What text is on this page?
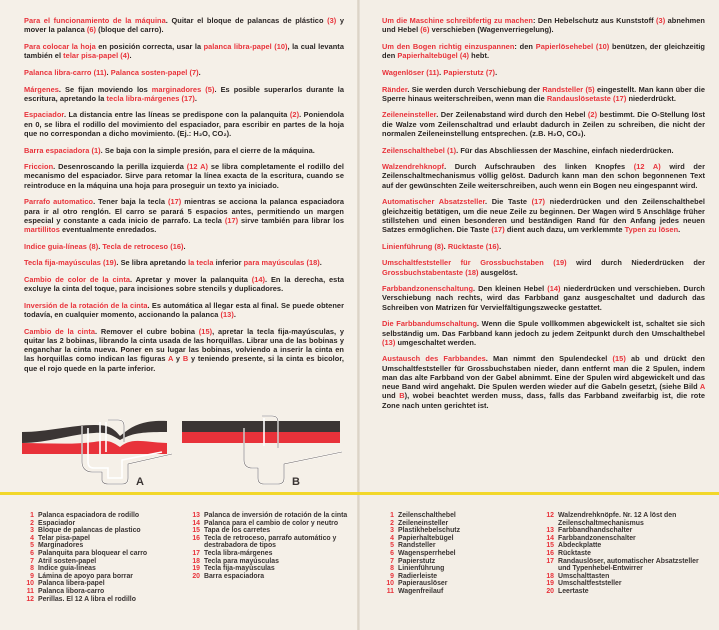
Para el funcionamiento de la máquina. Quitar el bloque de palancas de plástico (3) y mover la palanca (6) (bloque del carro).

Para colocar la hoja en posición correcta, usar la palanca libra-papel (10), la cual levanta también el telar pisa-papel (4).

Palanca libra-carro (11). Palanca sosten-papel (7).

Márgenes. Se fijan moviendo los marginadores (5). Es posible superarlos durante la escritura, apretando la tecla libra-márgenes (17).

Espaciador. La distancia entre las líneas se predispone con la palanquita (2). Poniendola en 0, se libra el rodillo del movimiento del espaciador, para escribir en partes de la hoja que no correspondan a dicho movimiento. (Ej.: H₂O, CO₂).

Barra espaciadora (1). Se baja con la simple presión, para el cierre de la máquina.

Friccion. Desenroscando la perilla izquierda (12 A) se libra completamente el rodillo del mecanismo del espaciador. Sirve para retomar la línea exacta de la escritura, cuando se reintroduce en la máquina una hoja para proseguir un texto ya iniciado.

Parrafo automatico. Tener baja la tecla (17) mientras se acciona la palanca espaciadora para ir al otro renglón. El carro se parará 5 espacios antes, permitiendo un margen especial y constante a cada inicio de parrafo. La tecla (17) sirve también para librar los martillitos eventualmente enredados.

Indice guia-líneas (8). Tecla de retroceso (16).

Tecla fija-mayúsculas (19). Se libra apretando la tecla inferior para mayúsculas (18).

Cambio de color de la cinta. Apretar y mover la palanquita (14). En la derecha, esta excluye la cinta del toque, para incisiones sobre stencils y duplicadores.

Inversión de la rotación de la cinta. Es automática al llegar esta al final. Se puede obtener todavía, en cualquier momento, accionando la palanca (13).

Cambio de la cinta. Remover el cubre bobina (15), apretar la tecla fija-mayúsculas, y quitar las 2 bobinas, librando la cinta usada de las horquillas. Librar una de las bobinas y enganchar la cinta nueva. Poner en su lugar las bobinas, volviendo a inserir la cinta en las horquillas como indican las figuras A y B y teniendo presente, si la cinta es bicolor, que el rojo quede en la parte inferior.

A	B
1 Palanca espaciadora de rodillo
2 Espaciador
3 Bloque de palancas de plastico
4 Telar pisa-papel
5 Marginadores
6 Palanquita para bloquear el carro
7 Atril sosten-papel
8 Indice guia-lineas
9 Lámina de apoyo para borrar
10 Palanca libera-papel
11 Palanca libora-carro
12 Perillas. El 12 A libra el rodillo
13 Palanca de inversión de rotación de la cinta
14 Palanca para el cambio de color y neutro
15 Tapa de los carretes
16 Tecla de retroceso, parrafo automático y destrabadora de tipos
17 Tecla libra-márgenes
18 Tecla para mayúsculas
19 Tecla fija-mayúsculas
20 Barra espaciadora

Um die Maschine schreibfertig zu machen: Den Hebelschutz aus Kunststoff (3) abnehmen und Hebel (6) verschieben (Wagenverriegelung).

Um den Bogen richtig einzuspannen: den Papierlösehebel (10) benützen, der gleichzeitig den Papierhaltebügel (4) hebt.

Wagenlöser (11). Papierstutz (7).

Ränder. Sie werden durch Verschiebung der Randsteller (5) eingestellt. Man kann über die Sperre hinaus weiterschreiben, wenn man die Randauslösetaste (17) niederdrückt.

Zeileneinsteller. Der Zeilenabstand wird durch den Hebel (2) bestimmt. Die O-Stellung löst die Walze vom Zeilenschaltrad und erlaubt dadurch in Zeilen zu schreiben, die nicht der normalen Zeileneinstellung entsprechen. (z.B. H₂O, CO₂).

Zeilenschalthebel (1). Für das Abschliessen der Maschine, einfach niederdrücken.

Walzendrehknopf. Durch Aufschrauben des linken Knopfes (12 A) wird der Zeilenschaltmechanismus völlig gelöst. Dadurch kann man den schon begonnenen Text auf der gewünschten Zeile weiterschreiben, auch wenn ein Bogen neu eingespannt wird.

Automatischer Absatzsteller. Die Taste (17) niederdrücken und den Zeilenschalthebel gleichzeitig betätigen, um die neue Zeile zu beginnen. Der Wagen wird 5 Anschläge früher stillstehen und einen besonderen und beständigen Rand für den Anfang jedes neuen Satzes ermöglichen. Die Taste (17) dient auch dazu, um verklemmte Typen zu lösen.

Linienführung (8). Rücktaste (16).

Umschaltfeststeller für Grossbuchstaben (19) wird durch Niederdrücken der Grossbuchstabentaste (18) ausgelöst.

Farbbandzonenschaltung. Den kleinen Hebel (14) niederdrücken und verschieben. Durch Verschiebung nach rechts, wird das Farbband ganz ausgeschaltet und dadurch das Schreiben von Matrizen für Vervielfältigungszwecke gestattet.

Die Farbbandumschaltung. Wenn die Spule vollkommen abgewickelt ist, schaltet sie sich selbständig um. Das Farbband kann jedoch zu jedem Zeitpunkt durch den Umschalthebel (13) umgeschaltet werden.

Austausch des Farbbandes. Man nimmt den Spulendeckel (15) ab und drückt den Umschaltfeststeller für Grossbuchstaben nieder, dann entfernt man die 2 Spulen, indem man das alte Farbband von der Gabel abnimmt. Eine der Spulen wird abgewickelt und das neue Band wird angehakt. Die Spulen werden wieder auf die Gabeln gesetzt, (siehe Bild A und B), wobei beachtet werden muss, dass, falls das Farbband zweifarbig ist, die rote Zone nach unten gerichtet ist.

1 Zeilenschalthebel
2 Zeileneinsteller
3 Plastikhebelschutz
4 Papierhaltebügel
5 Randsteller
6 Wagensperrhebel
7 Papierstutz
8 Linienführung
9 Radierleiste
10 Papierauslöser
11 Wagenfreilauf
12 Walzendrehknöpfe. Nr. 12 A löst den Zeilenschaltmechanismus
13 Farbbandhandschalter
14 Farbbandzonenschalter
15 Abdeckplatte
16 Rücktaste
17 Randauslöser, automatischer Absatzsteller und Typenhebel-Entwirrer
18 Umschalttasten
19 Umschaltfeststeller
20 Leertaste
